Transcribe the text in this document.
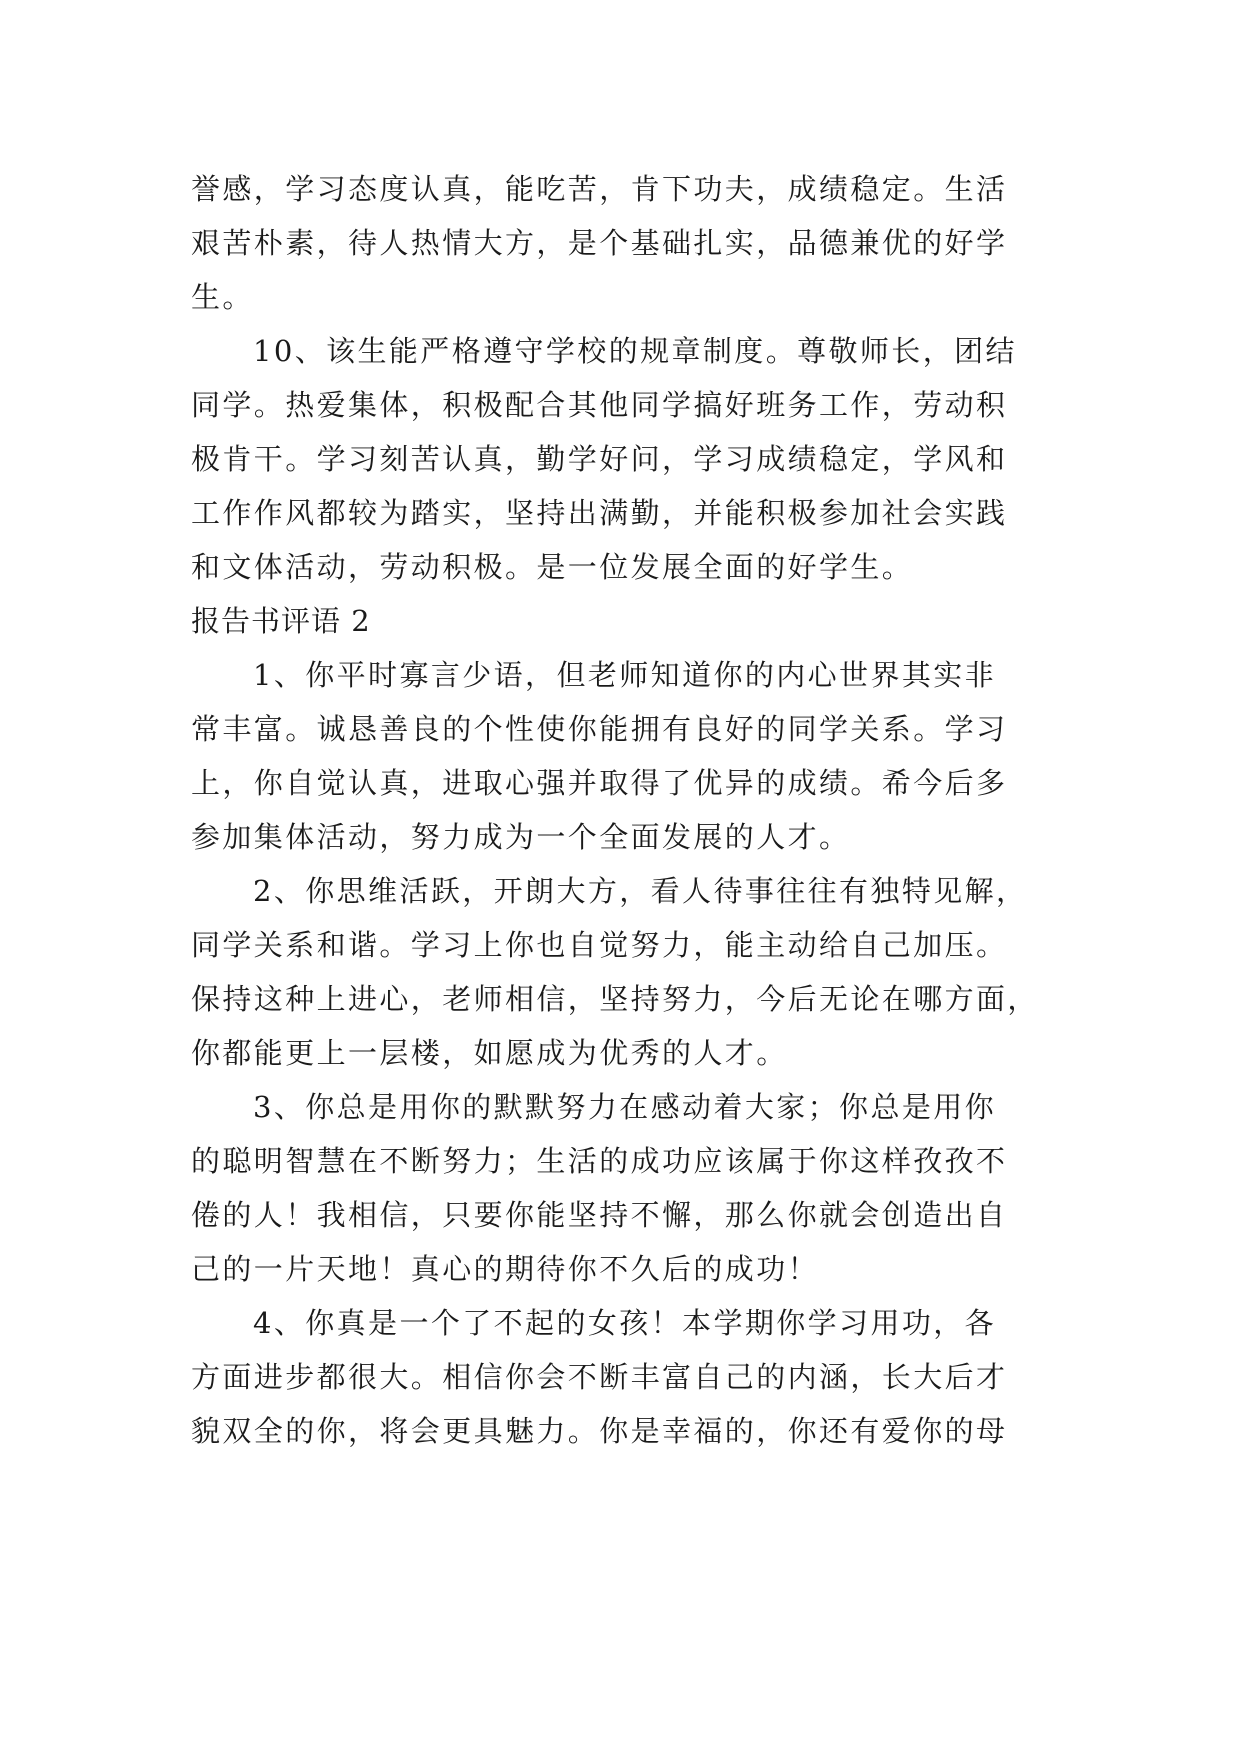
誉感，学习态度认真，能吃苦，肯下功夫，成绩稳定。生活
艰苦朴素，待人热情大方，是个基础扎实，品德兼优的好学
生。
10、该生能严格遵守学校的规章制度。尊敬师长，团结
同学。热爱集体，积极配合其他同学搞好班务工作，劳动积
极肯干。学习刻苦认真，勤学好问，学习成绩稳定，学风和
工作作风都较为踏实，坚持出满勤，并能积极参加社会实践
和文体活动，劳动积极。是一位发展全面的好学生。
报告书评语 2
1、你平时寡言少语，但老师知道你的内心世界其实非
常丰富。诚恳善良的个性使你能拥有良好的同学关系。学习
上，你自觉认真，进取心强并取得了优异的成绩。希今后多
参加集体活动，努力成为一个全面发展的人才。
2、你思维活跃，开朗大方，看人待事往往有独特见解，
同学关系和谐。学习上你也自觉努力，能主动给自己加压。
保持这种上进心，老师相信，坚持努力，今后无论在哪方面，
你都能更上一层楼，如愿成为优秀的人才。
3、你总是用你的默默努力在感动着大家；你总是用你
的聪明智慧在不断努力；生活的成功应该属于你这样孜孜不
倦的人！我相信，只要你能坚持不懈，那么你就会创造出自
己的一片天地！真心的期待你不久后的成功！
4、你真是一个了不起的女孩！本学期你学习用功，各
方面进步都很大。相信你会不断丰富自己的内涵，长大后才
貌双全的你，将会更具魅力。你是幸福的，你还有爱你的母
